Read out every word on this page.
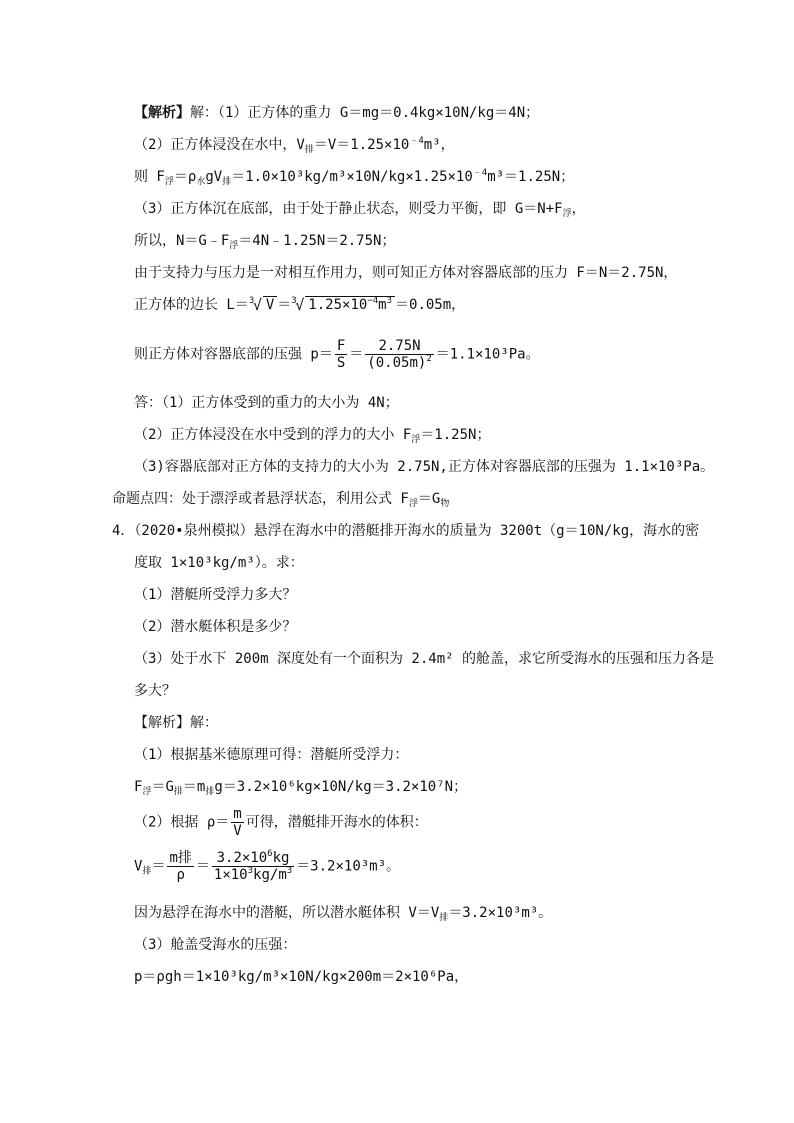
【解析】解：（1）正方体的重力 G＝mg＝0.4kg×10N/kg＝4N；
（2）正方体浸没在水中，$V_排=V=1.25\times 10^{﹣4}m^3$，
则 $F_浮=\rho_水gV_排=1.0\times 10^3kg/m^3\times 10N/kg\times 1.25\times 10^{﹣4}m^3=1.25N$；
（3）正方体沉在底部，由于处于静止状态，则受力平衡，即 $G=N+F_浮$，
所以，$N=G﹣F_浮=4N﹣1.25N=2.75N$；
由于支持力与压力是一对相互作用力，则可知正方体对容器底部的压力 F＝N＝2.75N，
正方体的边长 L＝ 3
√ V ＝ 3
√ $1.25\times 10^{-4}m^3 =0.05m$，
则正方体对容器底部的压强 $p= \frac{F}{S} = \frac{2.75N}{(0.05m)^2} =1.1\times 10^3Pa$。
答：（1）正方体受到的重力的大小为 4N；
（2）正方体浸没在水中受到的浮力的大小 $F_浮=1.25N$；
（3)容器底部对正方体的支持力的大小为 2.75N,正方体对容器底部的压强为 1.1×10³Pa。
命题点四：处于漂浮或者悬浮状态，利用公式 $F_浮=G_物$
4．（2020•泉州模拟）悬浮在海水中的潜艇排开海水的质量为 3200t（g＝10N/kg，海水的密
度取 1×10³kg/m³）。求：
（1）潜艇所受浮力多大？
（2）潜水艇体积是多少？
（3）处于水下 200m 深度处有一个面积为 2.4m² 的舱盖，求它所受海水的压强和压力各是
多大？
【解析】解：
（1）根据基米德原理可得：潜艇所受浮力：
$F_浮=G_排=m_排g=3.2\times 10^6kg\times 10N/kg=3.2\times 10^7N$；
（2）根据 $\rho= \frac{m}{V}$ 可得，潜艇排开海水的体积：
$V_排= \frac{\text{m排}}{\rho} = \frac{3.2\times 10^6kg}{1\times 10^3kg/m^3} =3.2\times 10^3m^3$。
因为悬浮在海水中的潜艇，所以潜水艇体积 $V=V_排=3.2\times 10^3m^3$。
（3）舱盖受海水的压强：
p＝ρgh＝1×10³kg/m³×10N/kg×200m＝2×10⁶Pa，
